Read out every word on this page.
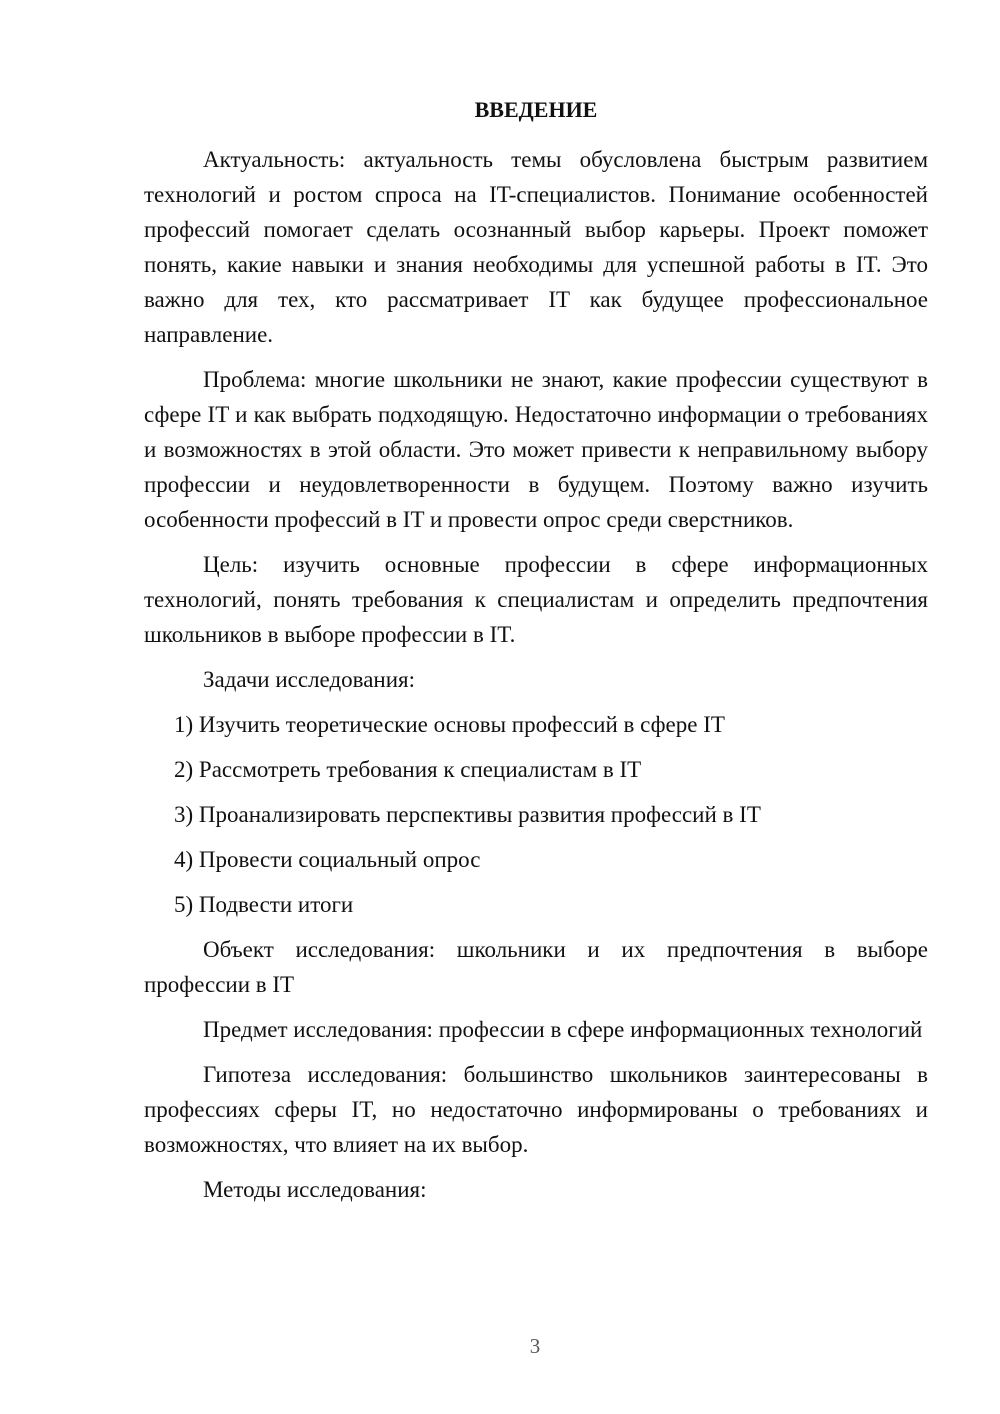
ВВЕДЕНИЕ

Актуальность: актуальность темы обусловлена быстрым развитием технологий и ростом спроса на IT-специалистов. Понимание особенностей профессий помогает сделать осознанный выбор карьеры. Проект поможет понять, какие навыки и знания необходимы для успешной работы в IT. Это важно для тех, кто рассматривает IT как будущее профессиональное направление.

Проблема: многие школьники не знают, какие профессии существуют в сфере IT и как выбрать подходящую. Недостаточно информации о требованиях и возможностях в этой области. Это может привести к неправильному выбору профессии и неудовлетворенности в будущем. Поэтому важно изучить особенности профессий в IT и провести опрос среди сверстников.

Цель: изучить основные профессии в сфере информационных технологий, понять требования к специалистам и определить предпочтения школьников в выборе профессии в IT.

Задачи исследования:

1) Изучить теоретические основы профессий в сфере IT
2) Рассмотреть требования к специалистам в IT
3) Проанализировать перспективы развития профессий в IT
4) Провести социальный опрос
5) Подвести итоги

Объект исследования: школьники и их предпочтения в выборе профессии в IT

Предмет исследования: профессии в сфере информационных технологий

Гипотеза исследования: большинство школьников заинтересованы в профессиях сферы IT, но недостаточно информированы о требованиях и возможностях, что влияет на их выбор.

Методы исследования:

3
